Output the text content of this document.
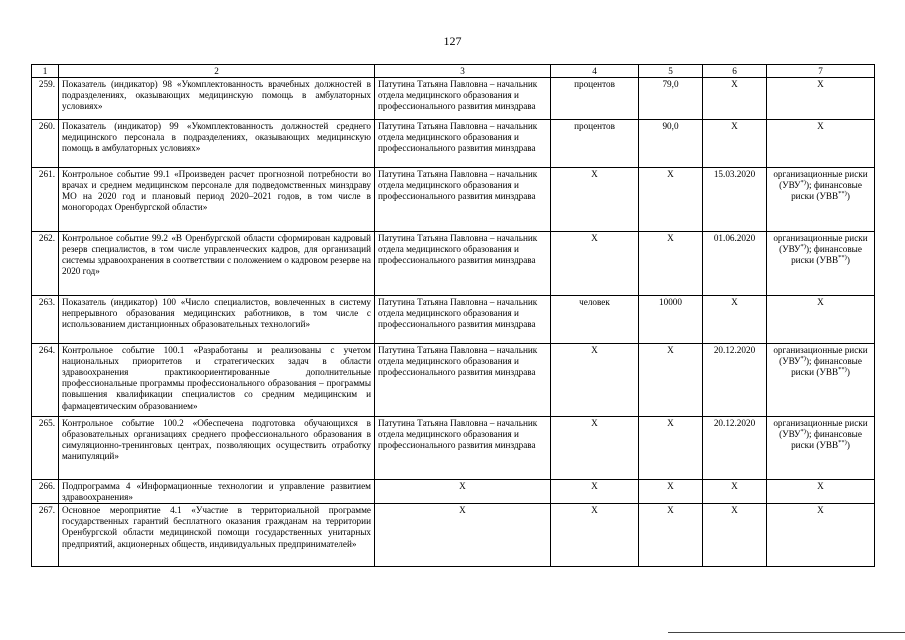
127
1	2	3	4	5	6	7
259.	Показатель (индикатор) 98 «Укомплектованность врачебных должностей в подразделениях, оказывающих медицинскую помощь в амбулаторных условиях»	Патутина Татьяна Павловна – начальник отдела медицинского образования и профессионального развития минздрава	процентов	79,0	Х	Х
260.	Показатель (индикатор) 99 «Укомплектованность должностей среднего медицинского персонала в подразделениях, оказывающих медицинскую помощь в амбулаторных условиях»	Патутина Татьяна Павловна – начальник отдела медицинского образования и профессионального развития минздрава	процентов	90,0	Х	Х
261.	Контрольное событие 99.1 «Произведен расчет прогнозной потребности во врачах и среднем медицинском персонале для подведомственных минздраву МО на 2020 год и плановый период 2020–2021 годов, в том числе в моногородах Оренбургской области»	Патутина Татьяна Павловна – начальник отдела медицинского образования и профессионального развития минздрава	Х	Х	15.03.2020	организационные риски (УВУ*)); финансовые риски (УВВ**))
262.	Контрольное событие 99.2 «В Оренбургской области сформирован кадровый резерв специалистов, в том числе управленческих кадров, для организаций системы здравоохранения в соответствии с положением о кадровом резерве на 2020 год»	Патутина Татьяна Павловна – начальник отдела медицинского образования и профессионального развития минздрава	Х	Х	01.06.2020	организационные риски (УВУ*)); финансовые риски (УВВ**))
263.	Показатель (индикатор) 100 «Число специалистов, вовлеченных в систему непрерывного образования медицинских работников, в том числе с использованием дистанционных образовательных технологий»	Патутина Татьяна Павловна – начальник отдела медицинского образования и профессионального развития минздрава	человек	10000	Х	Х
264.	Контрольное событие 100.1 «Разработаны и реализованы с учетом национальных приоритетов и стратегических задач в области здравоохранения практикоориентированные дополнительные профессиональные программы профессионального образования – программы повышения квалификации специалистов со средним медицинским и фармацевтическим образованием»	Патутина Татьяна Павловна – начальник отдела медицинского образования и профессионального развития минздрава	Х	Х	20.12.2020	организационные риски (УВУ*)); финансовые риски (УВВ**))
265.	Контрольное событие 100.2 «Обеспечена подготовка обучающихся в образовательных организациях среднего профессионального образования в симуляционно-тренинговых центрах, позволяющих осуществить отработку манипуляций»	Патутина Татьяна Павловна – начальник отдела медицинского образования и профессионального развития минздрава	Х	Х	20.12.2020	организационные риски (УВУ*)); финансовые риски (УВВ**))
266.	Подпрограмма 4 «Информационные технологии и управление развитием здравоохранения»	Х	Х	Х	Х	Х
267.	Основное мероприятие 4.1 «Участие в территориальной программе государственных гарантий бесплатного оказания гражданам на территории Оренбургской области медицинской помощи государственных унитарных предприятий, акционерных обществ, индивидуальных предпринимателей»	Х	Х	Х	Х	Х
